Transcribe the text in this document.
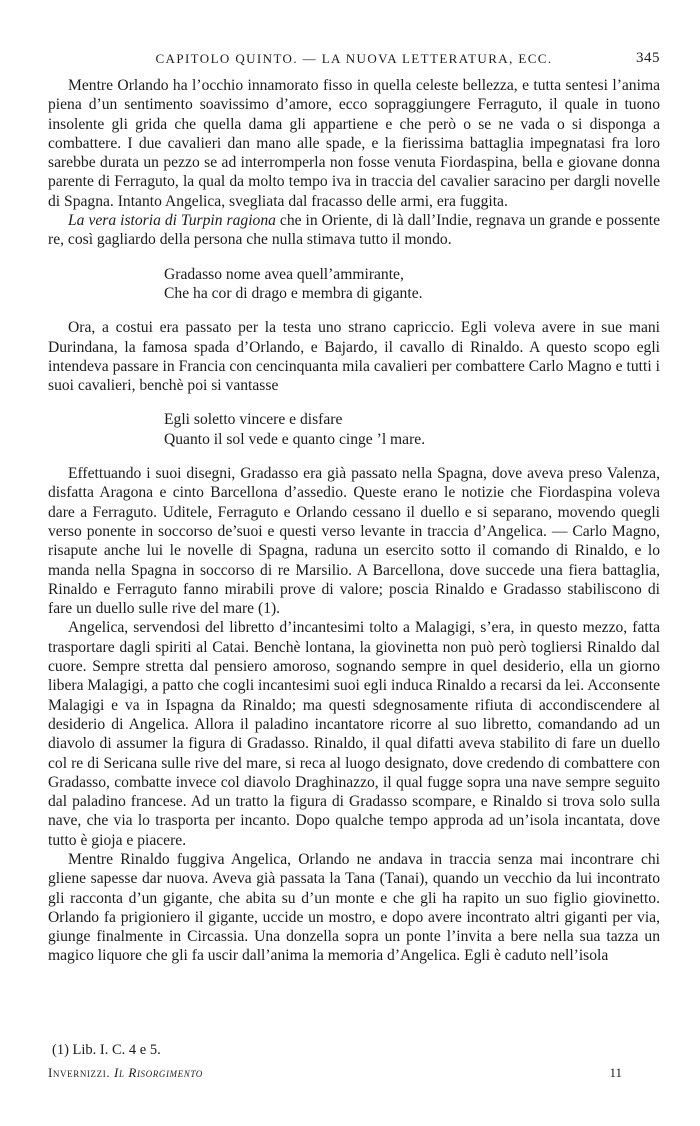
CAPITOLO QUINTO. — LA NUOVA LETTERATURA, ECC.	345

Mentre Orlando ha l’occhio innamorato fisso in quella celeste bellezza, e tutta sentesi l’anima piena d’un sentimento soavissimo d’amore, ecco sopraggiungere Ferraguto, il quale in tuono insolente gli grida che quella dama gli appartiene e che però o se ne vada o si disponga a combattere. I due cavalieri dan mano alle spade, e la fierissima battaglia impegnatasi fra loro sarebbe durata un pezzo se ad interromperla non fosse venuta Fiordaspina, bella e giovane donna parente di Ferraguto, la qual da molto tempo iva in traccia del cavalier saracino per dargli novelle di Spagna. Intanto Angelica, svegliata dal fracasso delle armi, era fuggita.

La vera istoria di Turpin ragiona che in Oriente, di là dall’Indie, regnava un grande e possente re, così gagliardo della persona che nulla stimava tutto il mondo.

Gradasso nome avea quell’ammirante,
Che ha cor di drago e membra di gigante.

Ora, a costui era passato per la testa uno strano capriccio. Egli voleva avere in sue mani Durindana, la famosa spada d’Orlando, e Bajardo, il cavallo di Rinaldo. A questo scopo egli intendeva passare in Francia con cencinquanta mila cavalieri per combattere Carlo Magno e tutti i suoi cavalieri, benchè poi si vantasse

Egli soletto vincere e disfare
Quanto il sol vede e quanto cinge ’l mare.

Effettuando i suoi disegni, Gradasso era già passato nella Spagna, dove aveva preso Valenza, disfatta Aragona e cinto Barcellona d’assedio. Queste erano le notizie che Fiordaspina voleva dare a Ferraguto. Uditele, Ferraguto e Orlando cessano il duello e si separano, movendo quegli verso ponente in soccorso de’suoi e questi verso levante in traccia d’Angelica. — Carlo Magno, risapute anche lui le novelle di Spagna, raduna un esercito sotto il comando di Rinaldo, e lo manda nella Spagna in soccorso di re Marsilio. A Barcellona, dove succede una fiera battaglia, Rinaldo e Ferraguto fanno mirabili prove di valore; poscia Rinaldo e Gradasso stabiliscono di fare un duello sulle rive del mare (1).

Angelica, servendosi del libretto d’incantesimi tolto a Malagigi, s’era, in questo mezzo, fatta trasportare dagli spiriti al Catai. Benchè lontana, la giovinetta non può però togliersi Rinaldo dal cuore. Sempre stretta dal pensiero amoroso, sognando sempre in quel desiderio, ella un giorno libera Malagigi, a patto che cogli incantesimi suoi egli induca Rinaldo a recarsi da lei. Acconsente Malagigi e va in Ispagna da Rinaldo; ma questi sdegnosamente rifiuta di accondiscendere al desiderio di Angelica. Allora il paladino incantatore ricorre al suo libretto, comandando ad un diavolo di assumer la figura di Gradasso. Rinaldo, il qual difatti aveva stabilito di fare un duello col re di Sericana sulle rive del mare, si reca al luogo designato, dove credendo di combattere con Gradasso, combatte invece col diavolo Draghinazzo, il qual fugge sopra una nave sempre seguito dal paladino francese. Ad un tratto la figura di Gradasso scompare, e Rinaldo si trova solo sulla nave, che via lo trasporta per incanto. Dopo qualche tempo approda ad un’isola incantata, dove tutto è gioja e piacere.

Mentre Rinaldo fuggiva Angelica, Orlando ne andava in traccia senza mai incontrare chi gliene sapesse dar nuova. Aveva già passata la Tana (Tanai), quando un vecchio da lui incontrato gli racconta d’un gigante, che abita su d’un monte e che gli ha rapito un suo figlio giovinetto. Orlando fa prigioniero il gigante, uccide un mostro, e dopo avere incontrato altri giganti per via, giunge finalmente in Circassia. Una donzella sopra un ponte l’invita a bere nella sua tazza un magico liquore che gli fa uscir dall’anima la memoria d’Angelica. Egli è caduto nell’isola

(1) Lib. I. C. 4 e 5.
Invernizzi. Il Risorgimento	11
